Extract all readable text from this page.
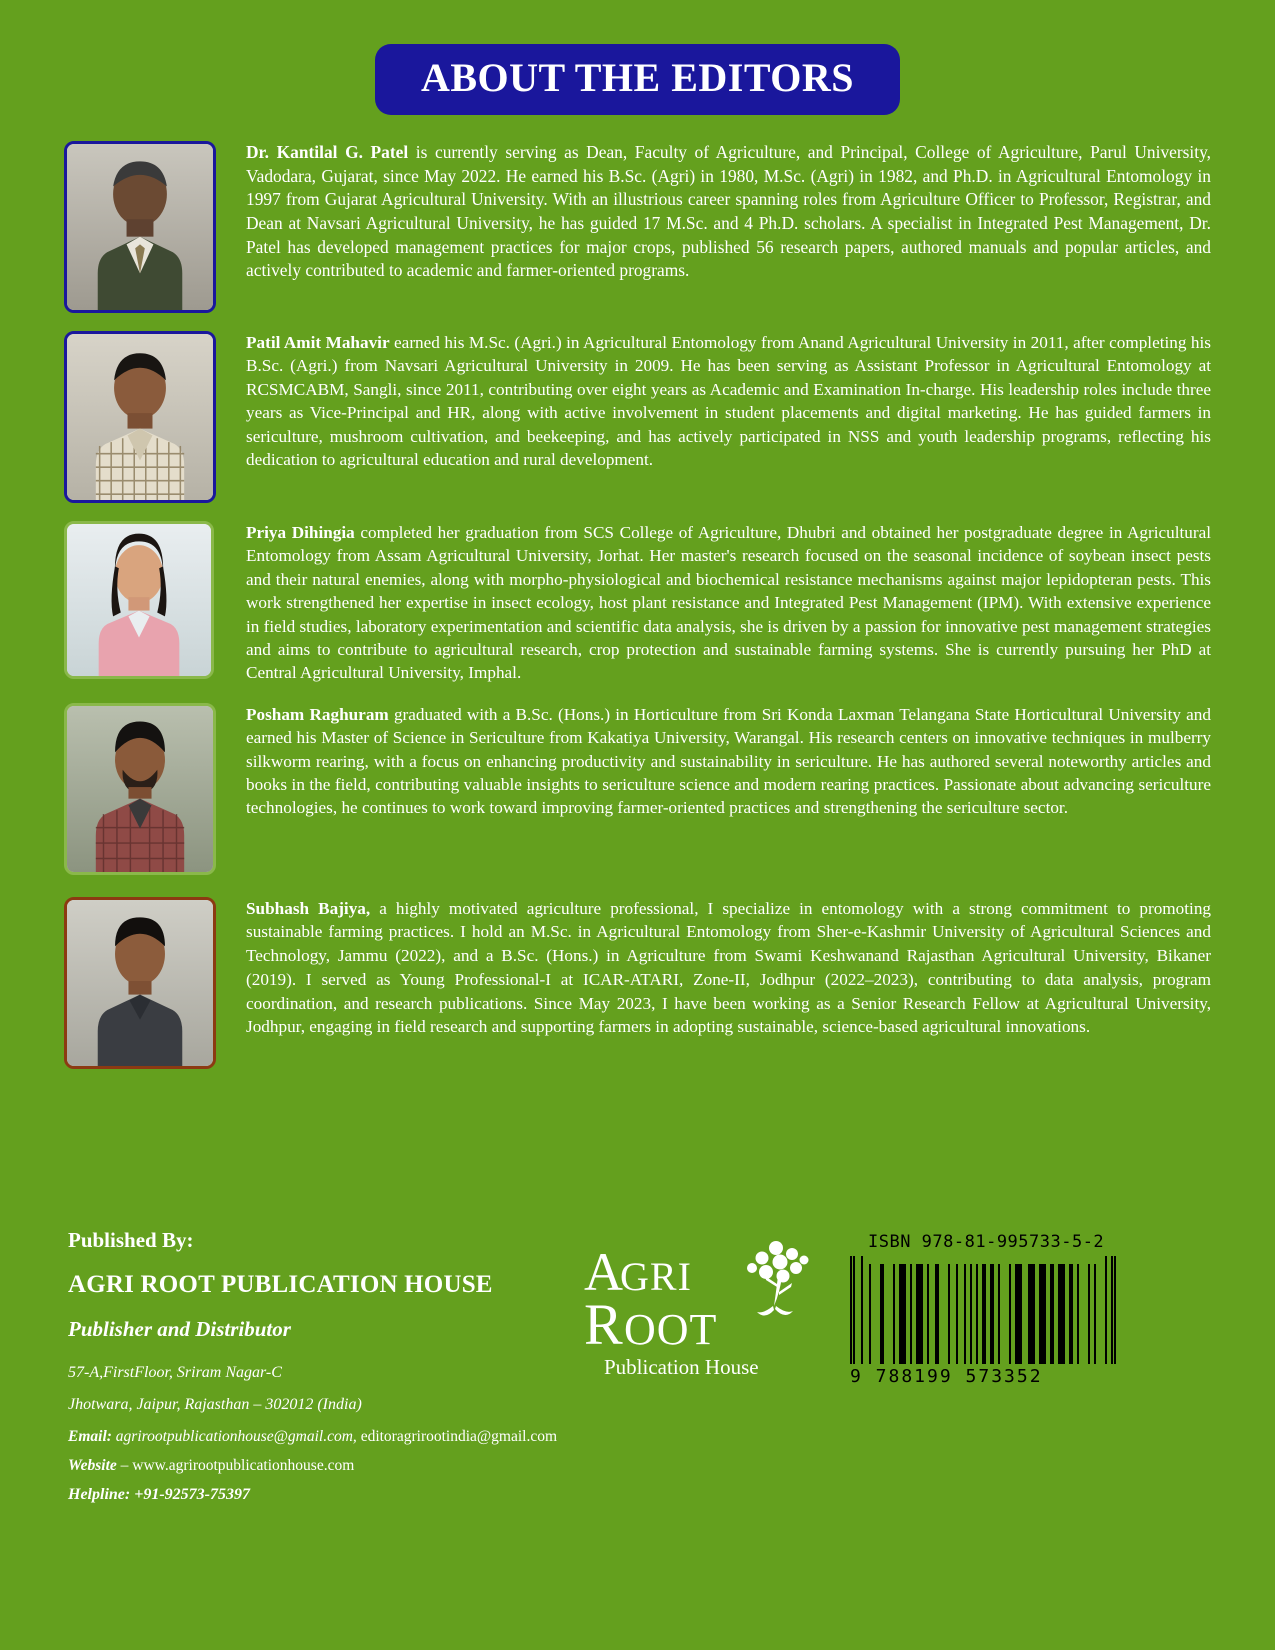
ABOUT THE EDITORS
Dr. Kantilal G. Patel is currently serving as Dean, Faculty of Agriculture, and Principal, College of Agriculture, Parul University, Vadodara, Gujarat, since May 2022. He earned his B.Sc. (Agri) in 1980, M.Sc. (Agri) in 1982, and Ph.D. in Agricultural Entomology in 1997 from Gujarat Agricultural University. With an illustrious career spanning roles from Agriculture Officer to Professor, Registrar, and Dean at Navsari Agricultural University, he has guided 17 M.Sc. and 4 Ph.D. scholars. A specialist in Integrated Pest Management, Dr. Patel has developed management practices for major crops, published 56 research papers, authored manuals and popular articles, and actively contributed to academic and farmer-oriented programs.
Patil Amit Mahavir earned his M.Sc. (Agri.) in Agricultural Entomology from Anand Agricultural University in 2011, after completing his B.Sc. (Agri.) from Navsari Agricultural University in 2009. He has been serving as Assistant Professor in Agricultural Entomology at RCSMCABM, Sangli, since 2011, contributing over eight years as Academic and Examination In-charge. His leadership roles include three years as Vice-Principal and HR, along with active involvement in student placements and digital marketing. He has guided farmers in sericulture, mushroom cultivation, and beekeeping, and has actively participated in NSS and youth leadership programs, reflecting his dedication to agricultural education and rural development.
Priya Dihingia completed her graduation from SCS College of Agriculture, Dhubri and obtained her postgraduate degree in Agricultural Entomology from Assam Agricultural University, Jorhat. Her master's research focused on the seasonal incidence of soybean insect pests and their natural enemies, along with morpho-physiological and biochemical resistance mechanisms against major lepidopteran pests. This work strengthened her expertise in insect ecology, host plant resistance and Integrated Pest Management (IPM). With extensive experience in field studies, laboratory experimentation and scientific data analysis, she is driven by a passion for innovative pest management strategies and aims to contribute to agricultural research, crop protection and sustainable farming systems. She is currently pursuing her PhD at Central Agricultural University, Imphal.
Posham Raghuram graduated with a B.Sc. (Hons.) in Horticulture from Sri Konda Laxman Telangana State Horticultural University and earned his Master of Science in Sericulture from Kakatiya University, Warangal. His research centers on innovative techniques in mulberry silkworm rearing, with a focus on enhancing productivity and sustainability in sericulture. He has authored several noteworthy articles and books in the field, contributing valuable insights to sericulture science and modern rearing practices. Passionate about advancing sericulture technologies, he continues to work toward improving farmer-oriented practices and strengthening the sericulture sector.
Subhash Bajiya, a highly motivated agriculture professional, I specialize in entomology with a strong commitment to promoting sustainable farming practices. I hold an M.Sc. in Agricultural Entomology from Sher-e-Kashmir University of Agricultural Sciences and Technology, Jammu (2022), and a B.Sc. (Hons.) in Agriculture from Swami Keshwanand Rajasthan Agricultural University, Bikaner (2019). I served as Young Professional-I at ICAR-ATARI, Zone-II, Jodhpur (2022–2023), contributing to data analysis, program coordination, and research publications. Since May 2023, I have been working as a Senior Research Fellow at Agricultural University, Jodhpur, engaging in field research and supporting farmers in adopting sustainable, science-based agricultural innovations.

Published By:

AGRI ROOT PUBLICATION HOUSE

Publisher and Distributor

57-A,FirstFloor, Sriram Nagar-C

Jhotwara, Jaipur, Rajasthan – 302012 (India)

Email: agrirootpublicationhouse@gmail.com, editoragrirootindia@gmail.com

Website – www.agrirootpublicationhouse.com

Helpline: +91-92573-75397

A
GRI
R OOT
Publication House

ISBN 978-81-995733-5-2

9 788199 573352
